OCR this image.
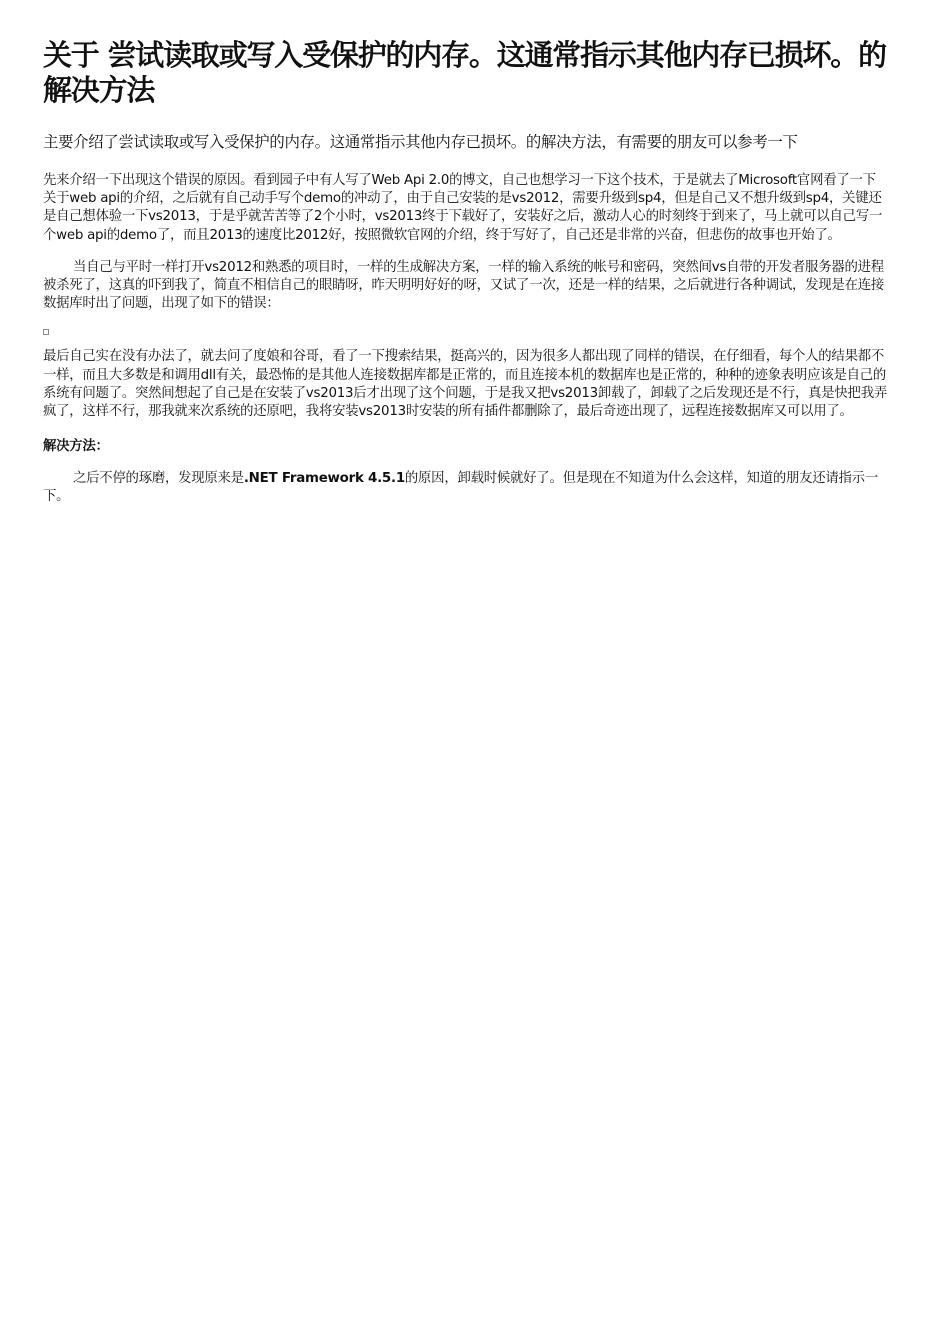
关于 尝试读取或写入受保护的内存。这通常指示其他内存已损坏。的解决方法

主要介绍了尝试读取或写入受保护的内存。这通常指示其他内存已损坏。的解决方法，有需要的朋友可以参考一下

先来介绍一下出现这个错误的原因。看到园子中有人写了Web Api 2.0的博文，自己也想学习一下这个技术，于是就去了Microsoft官网看了一下关于web api的介绍，之后就有自己动手写个demo的冲动了，由于自己安装的是vs2012，需要升级到sp4，但是自己又不想升级到sp4，关键还是自己想体验一下vs2013，于是乎就苦苦等了2个小时，vs2013终于下载好了，安装好之后，激动人心的时刻终于到来了，马上就可以自己写一个web api的demo了，而且2013的速度比2012好，按照微软官网的介绍，终于写好了，自己还是非常的兴奋，但悲伤的故事也开始了。

当自己与平时一样打开vs2012和熟悉的项目时，一样的生成解决方案，一样的输入系统的帐号和密码，突然间vs自带的开发者服务器的进程被杀死了，这真的吓到我了，简直不相信自己的眼睛呀，昨天明明好好的呀，又试了一次，还是一样的结果，之后就进行各种调试，发现是在连接数据库时出了问题，出现了如下的错误：

最后自己实在没有办法了，就去问了度娘和谷哥，看了一下搜索结果，挺高兴的，因为很多人都出现了同样的错误，在仔细看，每个人的结果都不一样，而且大多数是和调用dll有关，最恐怖的是其他人连接数据库都是正常的，而且连接本机的数据库也是正常的，种种的迹象表明应该是自己的系统有问题了。突然间想起了自己是在安装了vs2013后才出现了这个问题，于是我又把vs2013卸载了，卸载了之后发现还是不行，真是快把我弄疯了，这样不行，那我就来次系统的还原吧，我将安装vs2013时安装的所有插件都删除了，最后奇迹出现了，远程连接数据库又可以用了。

解决方法：

之后不停的琢磨，发现原来是.NET Framework 4.5.1的原因，卸载时候就好了。但是现在不知道为什么会这样，知道的朋友还请指示一下。
